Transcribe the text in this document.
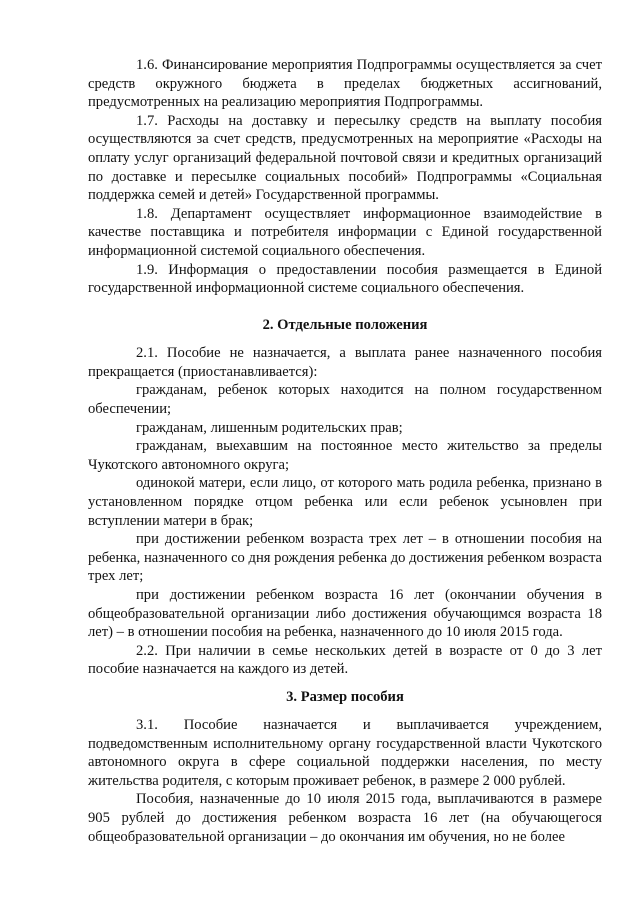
1.6. Финансирование мероприятия Подпрограммы осуществляется за счет средств окружного бюджета в пределах бюджетных ассигнований, предусмотренных на реализацию мероприятия Подпрограммы.

1.7. Расходы на доставку и пересылку средств на выплату пособия осуществляются за счет средств, предусмотренных на мероприятие «Расходы на оплату услуг организаций федеральной почтовой связи и кредитных организаций по доставке и пересылке социальных пособий» Подпрограммы «Социальная поддержка семей и детей» Государственной программы.

1.8. Департамент осуществляет информационное взаимодействие в качестве поставщика и потребителя информации с Единой государственной информационной системой социального обеспечения.

1.9. Информация о предоставлении пособия размещается в Единой государственной информационной системе социального обеспечения.

2. Отдельные положения

2.1. Пособие не назначается, а выплата ранее назначенного пособия прекращается (приостанавливается):

гражданам, ребенок которых находится на полном государственном обеспечении;

гражданам, лишенным родительских прав;

гражданам, выехавшим на постоянное место жительство за пределы Чукотского автономного округа;

одинокой матери, если лицо, от которого мать родила ребенка, признано в установленном порядке отцом ребенка или если ребенок усыновлен при вступлении матери в брак;

при достижении ребенком возраста трех лет – в отношении пособия на ребенка, назначенного со дня рождения ребенка до достижения ребенком возраста трех лет;

при достижении ребенком возраста 16 лет (окончании обучения в общеобразовательной организации либо достижения обучающимся возраста 18 лет) – в отношении пособия на ребенка, назначенного до 10 июля 2015 года.

2.2. При наличии в семье нескольких детей в возрасте от 0 до 3 лет пособие назначается на каждого из детей.

3. Размер пособия

3.1. Пособие назначается и выплачивается учреждением, подведомственным исполнительному органу государственной власти Чукотского автономного округа в сфере социальной поддержки населения, по месту жительства родителя, с которым проживает ребенок, в размере 2 000 рублей.

Пособия, назначенные до 10 июля 2015 года, выплачиваются в размере 905 рублей до достижения ребенком возраста 16 лет (на обучающегося общеобразовательной организации – до окончания им обучения, но не более
